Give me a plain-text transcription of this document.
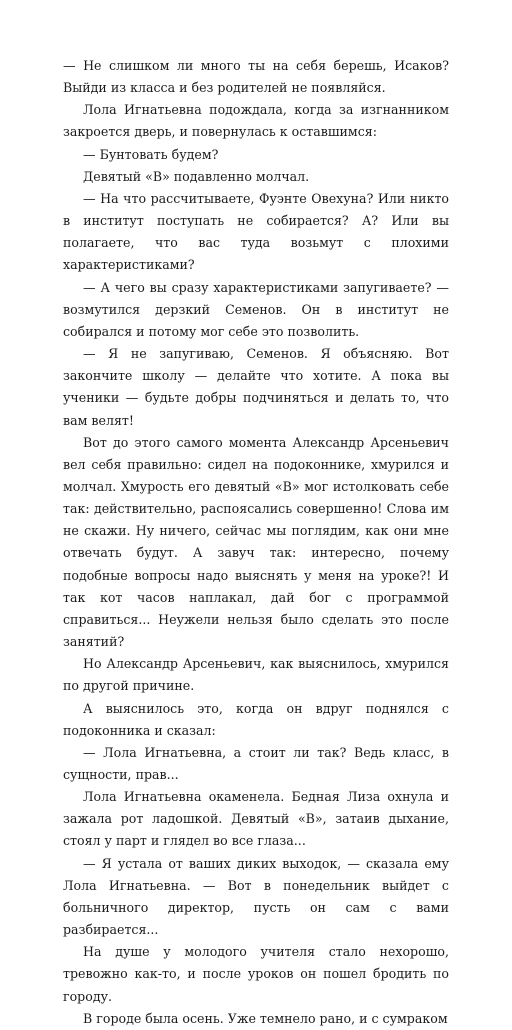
— Не слишком ли много ты на себя берешь, Исаков? Выйди из класса и без родителей не появляйся.

Лола Игнатьевна подождала, когда за изгнанником закроется дверь, и повернулась к оставшимся:

— Бунтовать будем?

Девятый «В» подавленно молчал.

— На что рассчитываете, Фуэнте Овехуна? Или никто в институт поступать не собирается? А? Или вы полагаете, что вас туда возьмут с плохими характеристиками?

— А чего вы сразу характеристиками запугиваете? — возмутился дерзкий Семенов. Он в институт не собирался и потому мог себе это позволить.

— Я не запугиваю, Семенов. Я объясняю. Вот закончите школу — делайте что хотите. А пока вы ученики — будьте добры подчиняться и делать то, что вам велят!

Вот до этого самого момента Александр Арсеньевич вел себя правильно: сидел на подоконнике, хмурился и молчал. Хмурость его девятый «В» мог истолковать себе так: действительно, распоясались совершенно! Слова им не скажи. Ну ничего, сейчас мы поглядим, как они мне отвечать будут. А завуч так: интересно, почему подобные вопросы надо выяснять у меня на уроке?! И так кот часов наплакал, дай бог с программой справиться... Неужели нельзя было сделать это после занятий?

Но Александр Арсеньевич, как выяснилось, хмурился по другой причине.

А выяснилось это, когда он вдруг поднялся с подоконника и сказал:

— Лола Игнатьевна, а стоит ли так? Ведь класс, в сущности, прав...

Лола Игнатьевна окаменела. Бедная Лиза охнула и зажала рот ладошкой. Девятый «В», затаив дыхание, стоял у парт и глядел во все глаза...

— Я устала от ваших диких выходок, — сказала ему Лола Игнатьевна. — Вот в понедельник выйдет с больничного директор, пусть он сам с вами разбирается...

На душе у молодого учителя стало нехорошо, тревожно как-то, и после уроков он пошел бродить по городу.

В городе была осень. Уже темнело рано, и с сумраком
